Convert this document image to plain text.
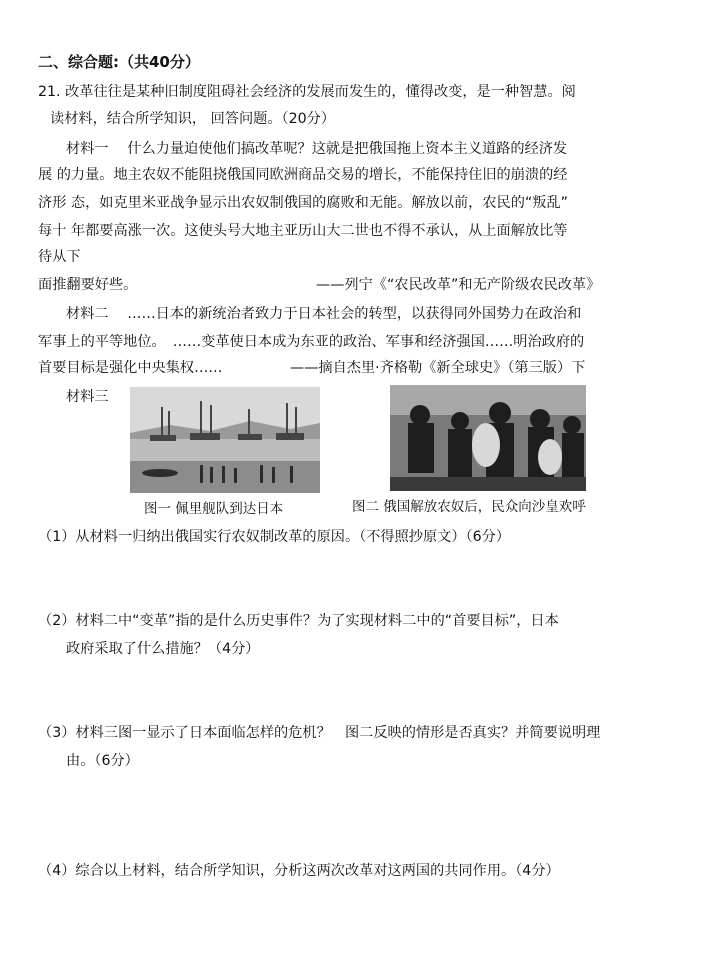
二、综合题:（共40分）
21. 改革往往是某种旧制度阻碍社会经济的发展而发生的，懂得改变，是一种智慧。阅
读材料，结合所学知识， 回答问题。（20分）
材料一　 什么力量迫使他们搞改革呢？这就是把俄国拖上资本主义道路的经济发
展 的力量。地主农奴不能阻挠俄国同欧洲商品交易的增长，不能保持住旧的崩溃的经
济形 态，如克里米亚战争显示出农奴制俄国的腐败和无能。解放以前，农民的“叛乱”
每十 年都要高涨一次。这使头号大地主亚历山大二世也不得不承认，从上面解放比等
待从下
面推翻要好些。	——列宁《“农民改革”和无产阶级农民改革》
材料二　 ……日本的新统治者致力于日本社会的转型，以获得同外国势力在政治和
军事上的平等地位。　……变革使日本成为东亚的政治、军事和经济强国……明治政府的
首要目标是强化中央集权……	——摘自杰里·齐格勒《新全球史》（第三版）下
材料三
图一 佩里舰队到达日本	图二 俄国解放农奴后，民众向沙皇欢呼
（1）从材料一归纳出俄国实行农奴制改革的原因。（不得照抄原文）（6分）
（2）材料二中“变革”指的是什么历史事件？为了实现材料二中的“首要目标”，日本
政府采取了什么措施？（4分）
（3）材料三图一显示了日本面临怎样的危机？　图二反映的情形是否真实？并简要说明理
由。（6分）
（4）综合以上材料，结合所学知识，分析这两次改革对这两国的共同作用。（4分）
